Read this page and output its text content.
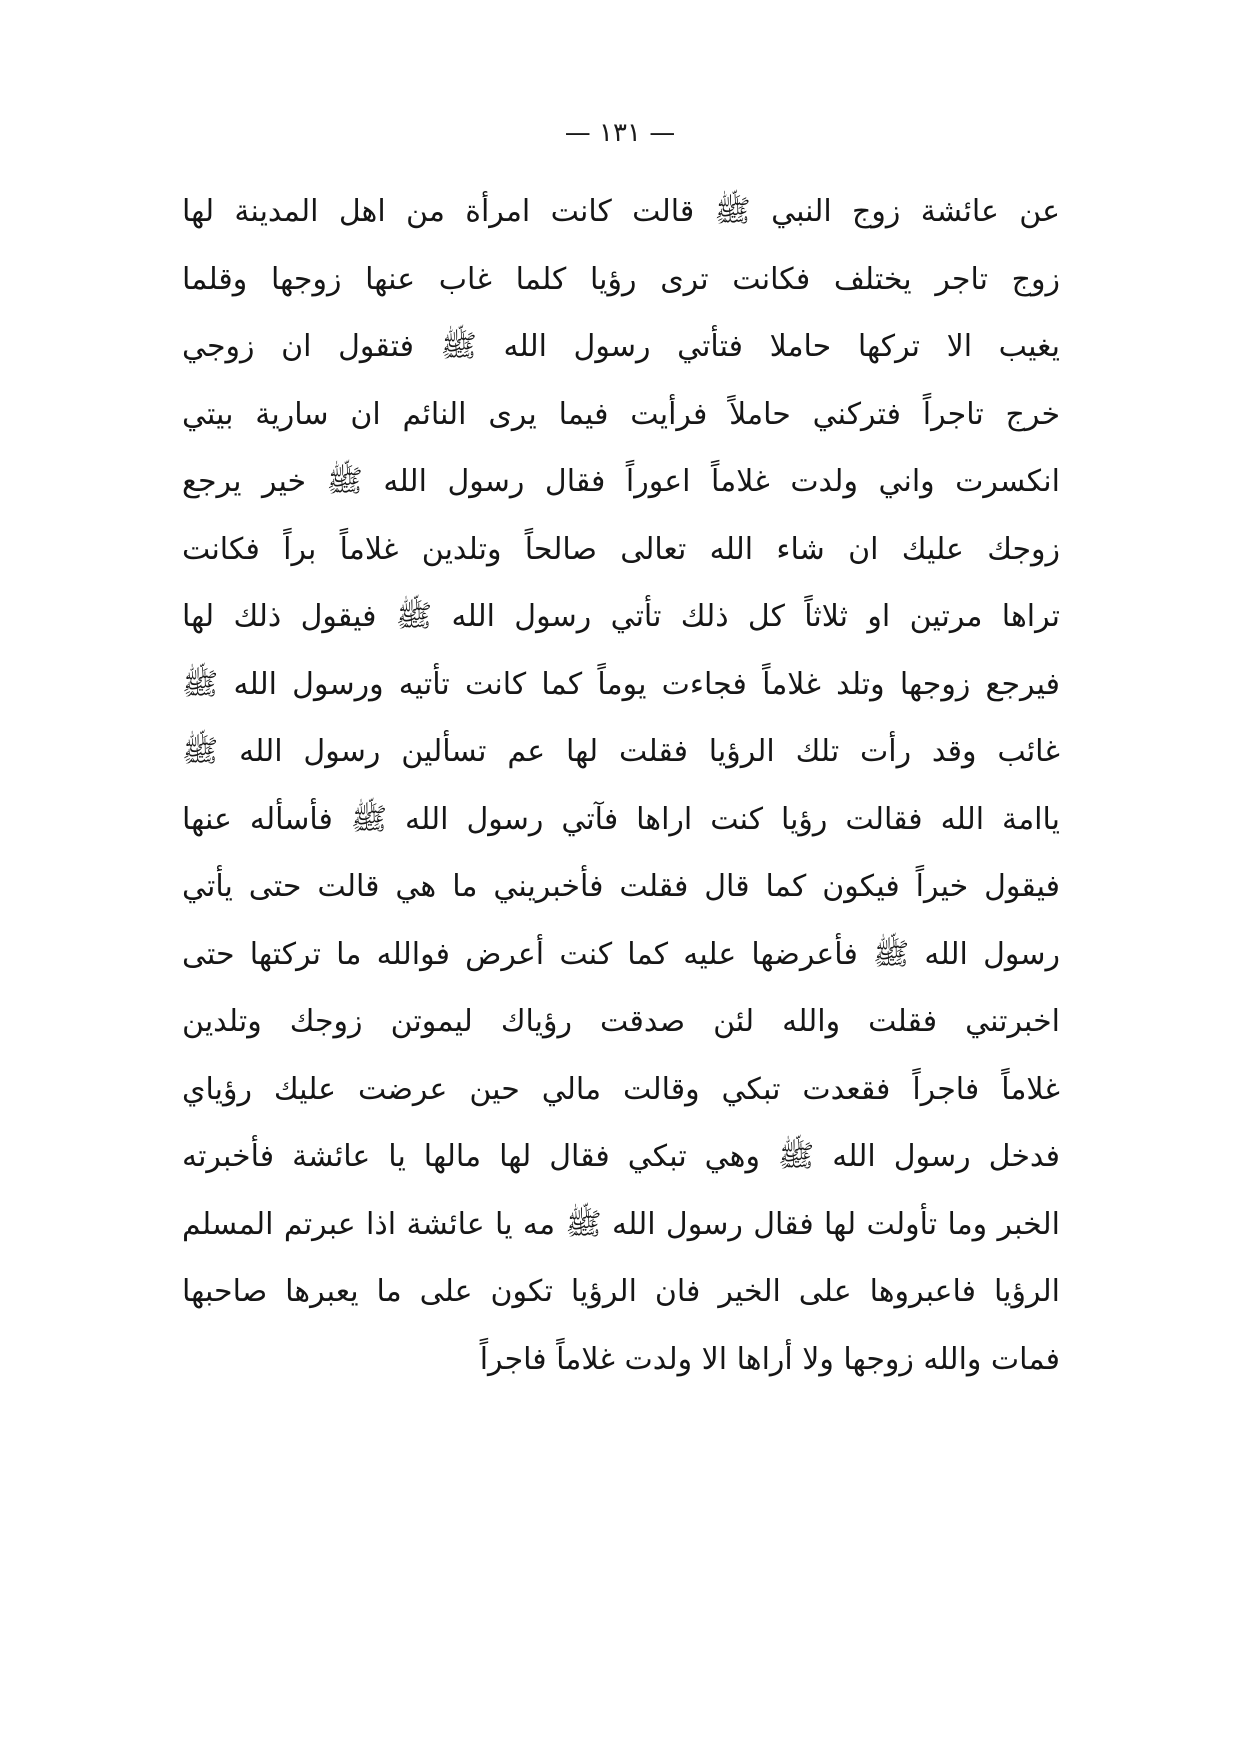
— ١٣١ —
عن عائشة زوج النبي ﷺ قالت كانت امرأة من اهل المدينة لها
زوج تاجر يختلف فكانت ترى رؤيا كلما غاب عنها زوجها وقلما
يغيب الا تركها حاملا فتأتي رسول الله ﷺ فتقول ان زوجي
خرج تاجراً فتركني حاملاً فرأيت فيما يرى النائم ان سارية بيتي
انكسرت واني ولدت غلاماً اعوراً فقال رسول الله ﷺ خير يرجع
زوجك عليك ان شاء الله تعالى صالحاً وتلدين غلاماً براً فكانت
تراها مرتين او ثلاثاً كل ذلك تأتي رسول الله ﷺ فيقول ذلك لها
فيرجع زوجها وتلد غلاماً فجاءت يوماً كما كانت تأتيه ورسول الله ﷺ
غائب وقد رأت تلك الرؤيا فقلت لها عم تسألين رسول الله ﷺ
ياامة الله فقالت رؤيا كنت اراها فآتي رسول الله ﷺ فأسأله عنها
فيقول خيراً فيكون كما قال فقلت فأخبريني ما هي قالت حتى يأتي
رسول الله ﷺ فأعرضها عليه كما كنت أعرض فوالله ما تركتها حتى
اخبرتني فقلت والله لئن صدقت رؤياك ليموتن زوجك وتلدين
غلاماً فاجراً فقعدت تبكي وقالت مالي حين عرضت عليك رؤياي
فدخل رسول الله ﷺ وهي تبكي فقال لها مالها يا عائشة فأخبرته
الخبر وما تأولت لها فقال رسول الله ﷺ مه يا عائشة اذا عبرتم المسلم
الرؤيا فاعبروها على الخير فان الرؤيا تكون على ما يعبرها صاحبها
فمات والله زوجها ولا أراها الا ولدت غلاماً فاجراً
